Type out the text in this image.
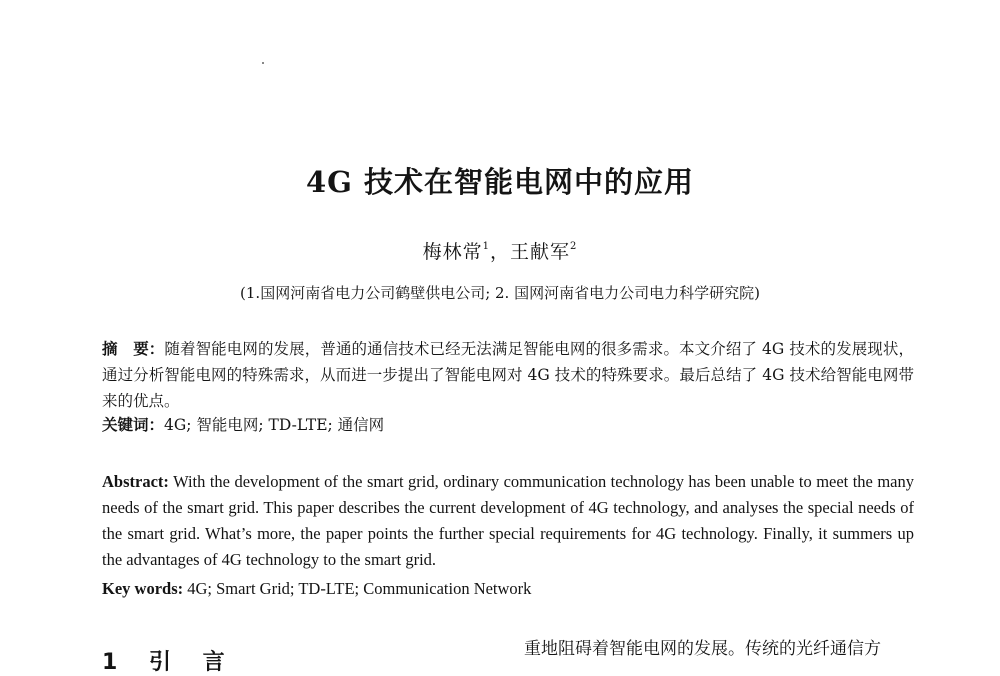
4G 技术在智能电网中的应用
梅林常$^1$，王献军$^2$
(1.国网河南省电力公司鹤壁供电公司; 2. 国网河南省电力公司电力科学研究院)
摘　要：随着智能电网的发展，普通的通信技术已经无法满足智能电网的很多需求。本文介绍了 4G 技术的发展现状，通过分析智能电网的特殊需求，从而进一步提出了智能电网对 4G 技术的特殊要求。最后总结了 4G 技术给智能电网带来的优点。
关键词：4G; 智能电网; TD-LTE; 通信网
Abstract: With the development of the smart grid, ordinary communication technology has been unable to meet the many needs of the smart grid. This paper describes the current development of 4G technology, and analyses the special needs of the smart grid. What’s more, the paper points the further special requirements for 4G technology. Finally, it summers up the advantages of 4G technology to the smart grid.
Key words: 4G; Smart Grid; TD-LTE; Communication Network
1 引 言
重地阻碍着智能电网的发展。传统的光纤通信方
